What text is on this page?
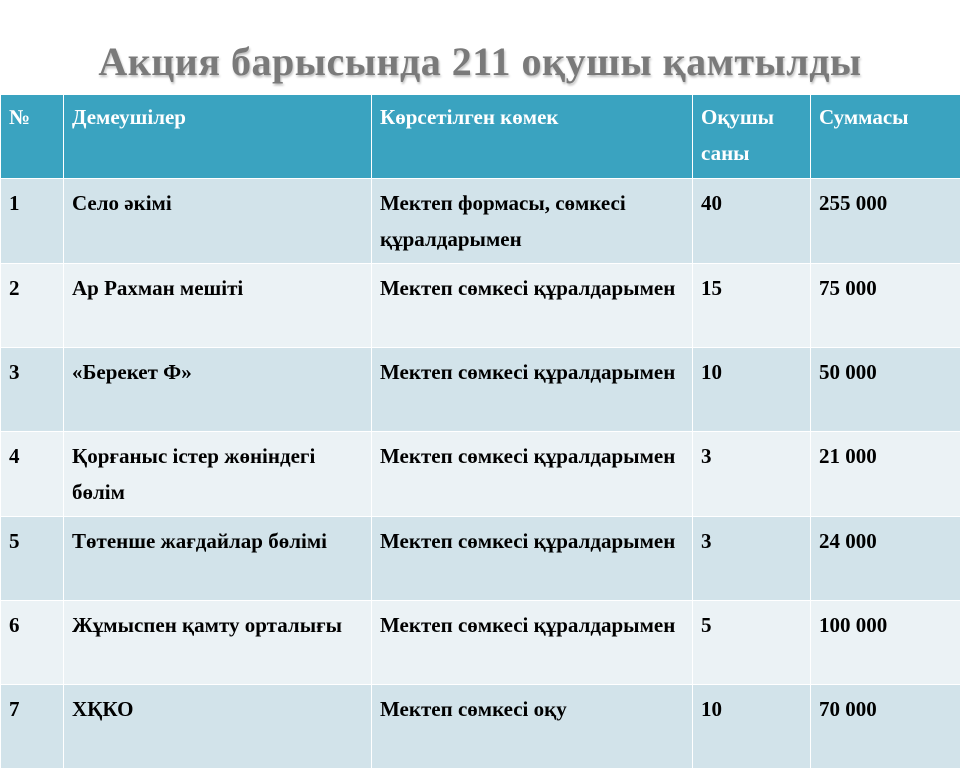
Акция барысында 211 оқушы қамтылды
№	Демеушілер	Көрсетілген көмек	Оқушы саны	Суммасы
1	Село әкімі	Мектеп формасы, сөмкесі құралдарымен	40	255 000
2	Ар Рахман мешіті	Мектеп сөмкесі құралдарымен	15	75 000
3	«Берекет Ф»	Мектеп сөмкесі құралдарымен	10	50 000
4	Қорғаныс істер жөніндегі бөлім	Мектеп сөмкесі құралдарымен	3	21 000
5	Төтенше жағдайлар бөлімі	Мектеп сөмкесі құралдарымен	3	24 000
6	Жұмыспен қамту орталығы	Мектеп сөмкесі құралдарымен	5	100 000
7	ХҚКО	Мектеп сөмкесі оқу	10	70 000
